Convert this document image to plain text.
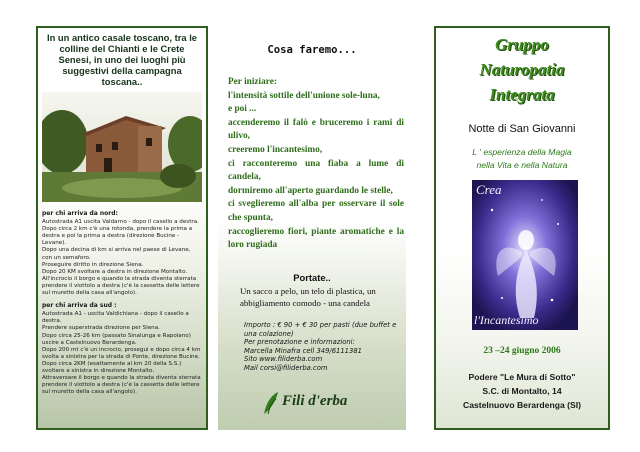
In un antico casale toscano, tra le colline del Chianti e le Crete Senesi, in uno dei luoghi più suggestivi della campagna toscana..
per chi arriva da nord:
Autostrada A1 uscita Valdarno - dopo il casello a destra.
Dopo circa 2 km c'è una rotonda, prendere la prima a destra e poi la prima a destra (direzione Bucine - Levane).
Dopo una decina di km si arriva nel paese di Levane, con un semaforo.
Proseguire diritto in direzione Siena.
Dopo 20 KM svoltare a destra in direzione Montalto. All'incrocio il borgo e quando la strada diventa sterrata prendere il viottolo a destra (c'è la cassetta delle lettere sul muretto della casa all'angolo).
per chi arriva da sud :
Autostrada A1 - uscita Valdichiana - dopo il casello a destra.
Prendere superstrada direzione per Siena.
Dopo circa 25-26 km (passato Sinalunga e Rapolano) uscire a Castelnuovo Berardenga.
Dopo 200 mt c'è un incrocio, prosegui e dopo circa 4 km svolta a sinistra per la strada di Ponte, direzione Bucine.
Dopo circa 2KM (esattamente al km 20 della S.S.) svoltare a sinistra in direzione Montalto.
Attraversare il borgo e quando la strada diventa sterrata prendere il viottolo a destra (c'è la cassetta delle lettere sul muretto della casa all'angolo).
Cosa faremo...
Per iniziare:
l'intensità sottile dell'unione sole-luna,
e poi ...
accenderemo il falò e bruceremo i rami di ulivo,
creeremo l'incantesimo,
ci racconteremo una fiaba a lume di candela,
dormiremo all'aperto guardando le stelle,
ci sveglieremo all'alba per osservare il sole che spunta,
raccoglieremo fiori, piante aromatiche e la loro rugiada
Portate..
Un sacco a pelo, un telo di plastica, un abbigliamento comodo - una candela
Importo : € 90 + € 30 per pasti (due buffet e una colazione)
Per prenotazione e informazioni:
Marcella Minafra cell 349/6111381
Sito www.filiderba.com
Mail corsi@filiderba.com
Fili d'erba
Gruppo
Naturopatia
Integrata
Notte di San Giovanni
L ' esperienza della Magia
nella Vita e nella Natura
Crea
l'Incantesimo
23 –24 giugno 2006
Podere "Le Mura di Sotto"
S.C. di Montalto, 14
Castelnuovo Berardenga (SI)
